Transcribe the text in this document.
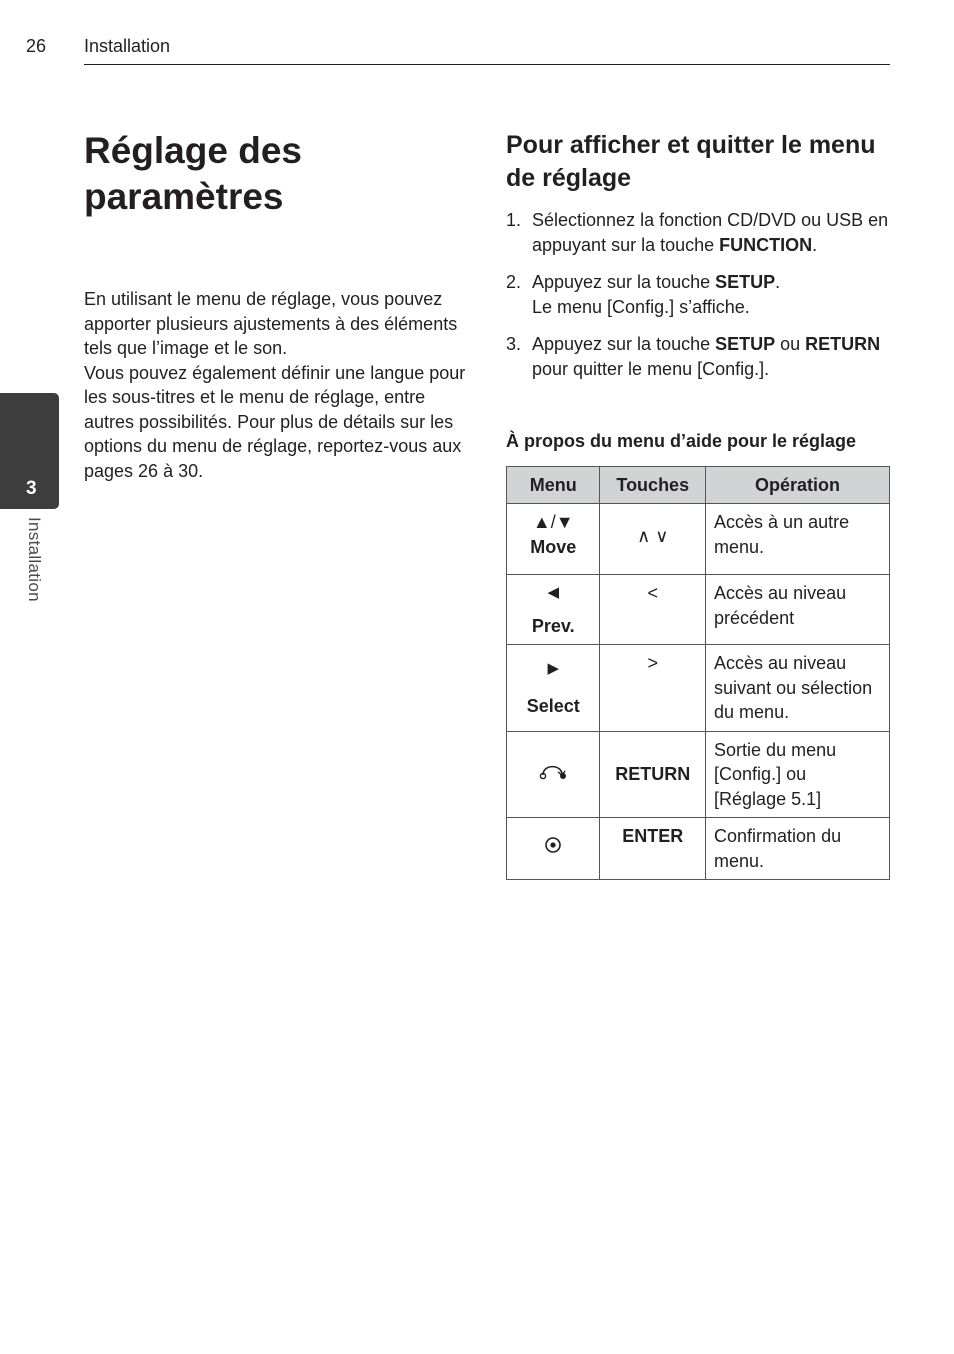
26 Installation
3
Installation
Réglage des paramètres

En utilisant le menu de réglage, vous pouvez apporter plusieurs ajustements à des éléments tels que l’image et le son.

Vous pouvez également définir une langue pour les sous-titres et le menu de réglage, entre autres possibilités. Pour plus de détails sur les options du menu de réglage, reportez-vous aux pages 26 à 30.

Pour afficher et quitter le menu de réglage
1. Sélectionnez la fonction CD/DVD ou USB en appuyant sur la touche FUNCTION.
2. Appuyez sur la touche SETUP.
Le menu [Config.] s’affiche.
3. Appuyez sur la touche SETUP ou RETURN pour quitter le menu [Config.].

À propos du menu d’aide pour le réglage

Menu	Touches	Opération

▲/▼
Move	∧ ∨	Accès à un autre menu.

◀
Prev.	<	Accès au niveau précédent

▶
Select	>	Accès au niveau suivant ou sélection du menu.
	RETURN	Sortie du menu [Config.] ou [Réglage 5.1]
	ENTER	Confirmation du menu.
